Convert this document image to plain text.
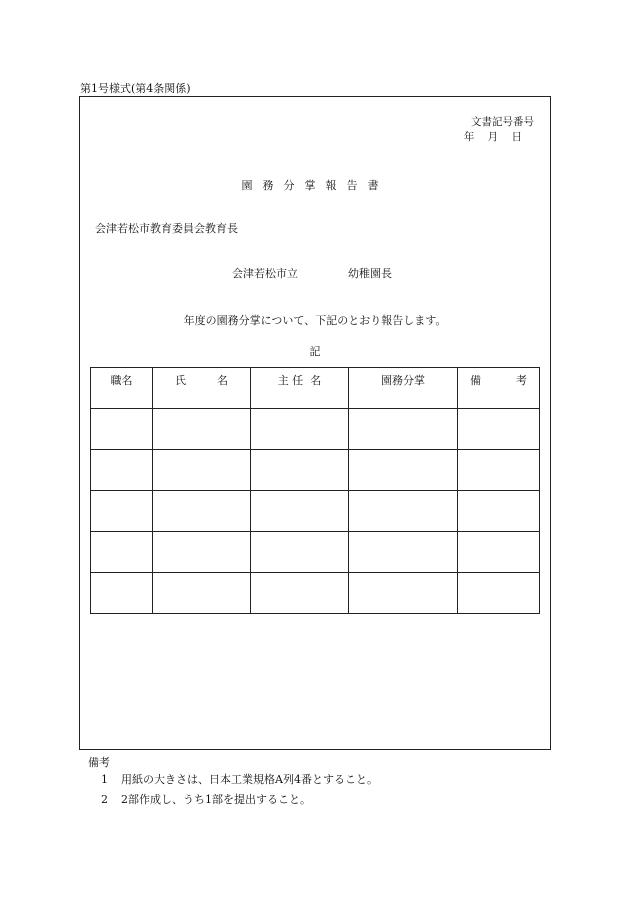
第1号様式(第4条関係)
文書記号番号
年 月 日
園務分掌報告書
会津若松市教育委員会教育長
会津若松市立	幼稚園長
年度の園務分掌について、下記のとおり報告します。
記
職名	氏 名	主 任 名	園務分掌	備 考

備考
1 用紙の大きさは、日本工業規格A列4番とすること。
2 2部作成し、うち1部を提出すること。
